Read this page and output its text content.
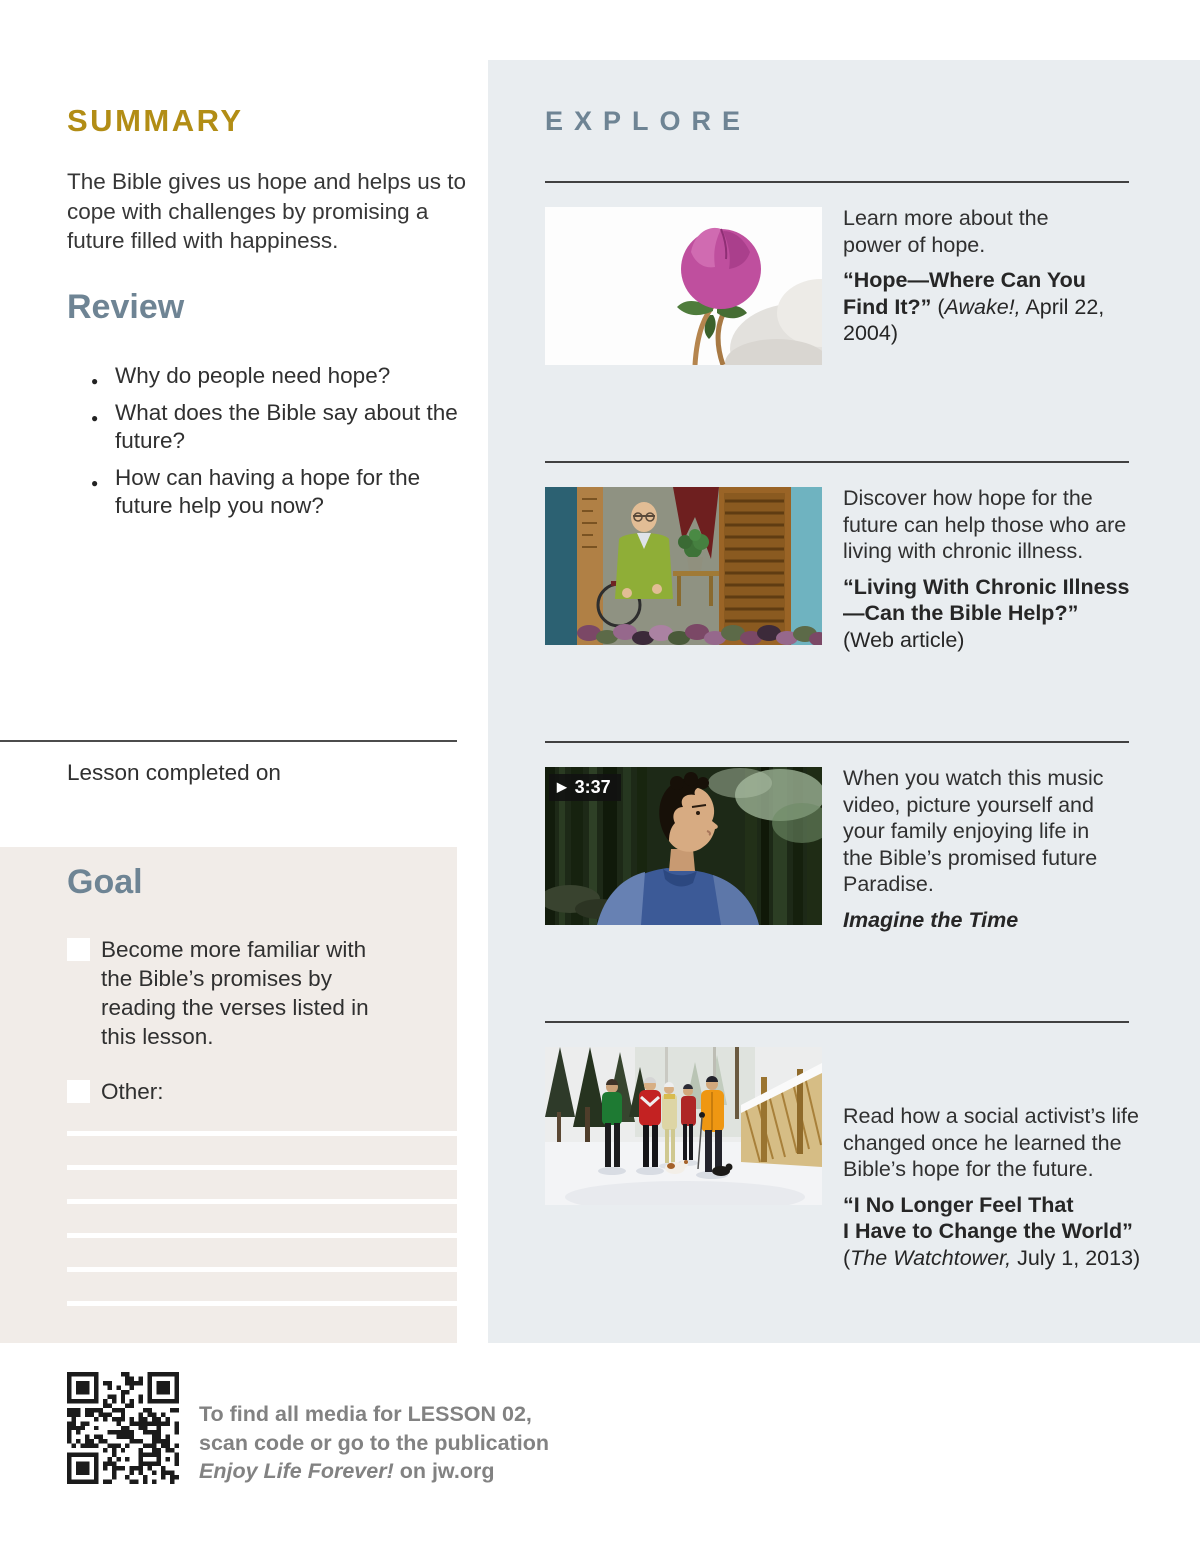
SUMMARY
The Bible gives us hope and helps us to cope with challenges by promising a future filled with happiness.
Review
● Why do people need hope?
● What does the Bible say about the future?
● How can having a hope for the future help you now?
Lesson completed on
Goal
Become more familiar with the Bible’s promises by reading the verses listed in this lesson.
Other:
To find all media for LESSON 02,
scan code or go to the publication
Enjoy Life Forever! on jw.org
EXPLORE
Learn more about the
power of hope.
“Hope—Where Can You
Find It?” (Awake!, April 22, 2004)
Discover how hope for the
future can help those who are
living with chronic illness.
“Living With Chronic Illness
—Can the Bible Help?”
(Web article)
▶ 3:37	When you watch this music
video, picture yourself and
your family enjoying life in
the Bible’s promised future
Paradise.
Imagine the Time
Read how a social activist’s life
changed once he learned the
Bible’s hope for the future.
“I No Longer Feel That
I Have to Change the World”
(The Watchtower, July 1, 2013)
